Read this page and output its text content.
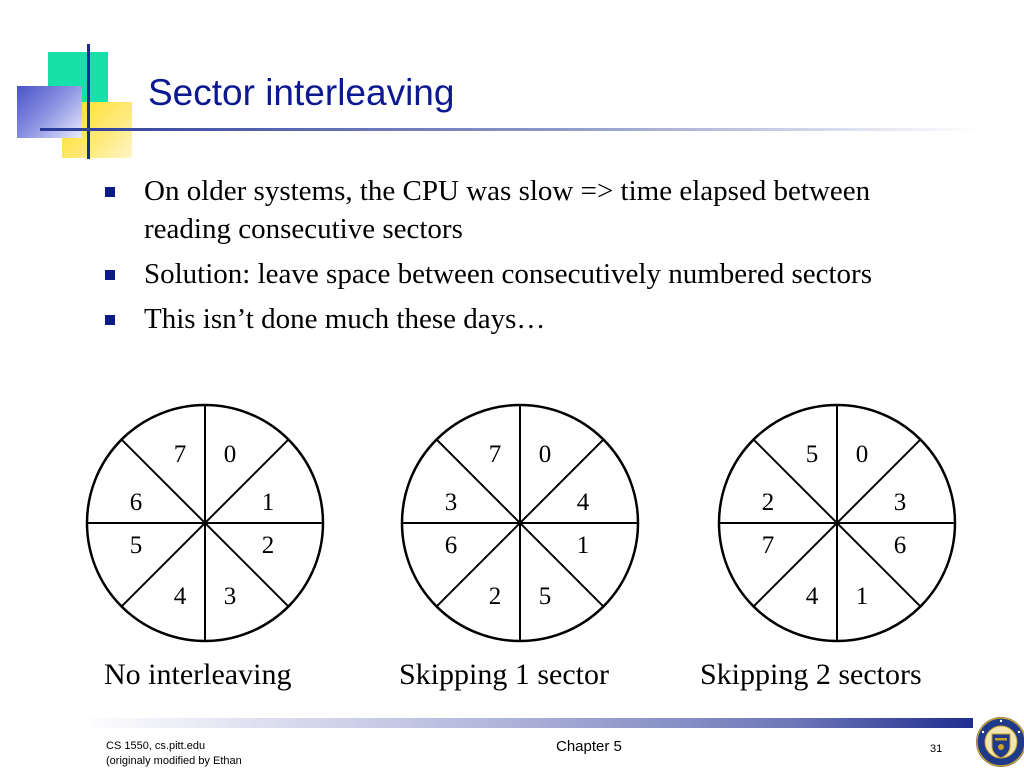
Sector interleaving
On older systems, the CPU was slow => time elapsed between reading consecutive sectors
Solution: leave space between consecutively numbered sectors
This isn’t done much these days…
0
1
2
3
4
5
6
7	0
4
1
5
2
6
3
7	0
3
6
1
4
7
2
5

No interleaving	Skipping 1 sector	Skipping 2 sectors

CS 1550, cs.pitt.edu
(originaly modified by Ethan
Chapter 5	31
